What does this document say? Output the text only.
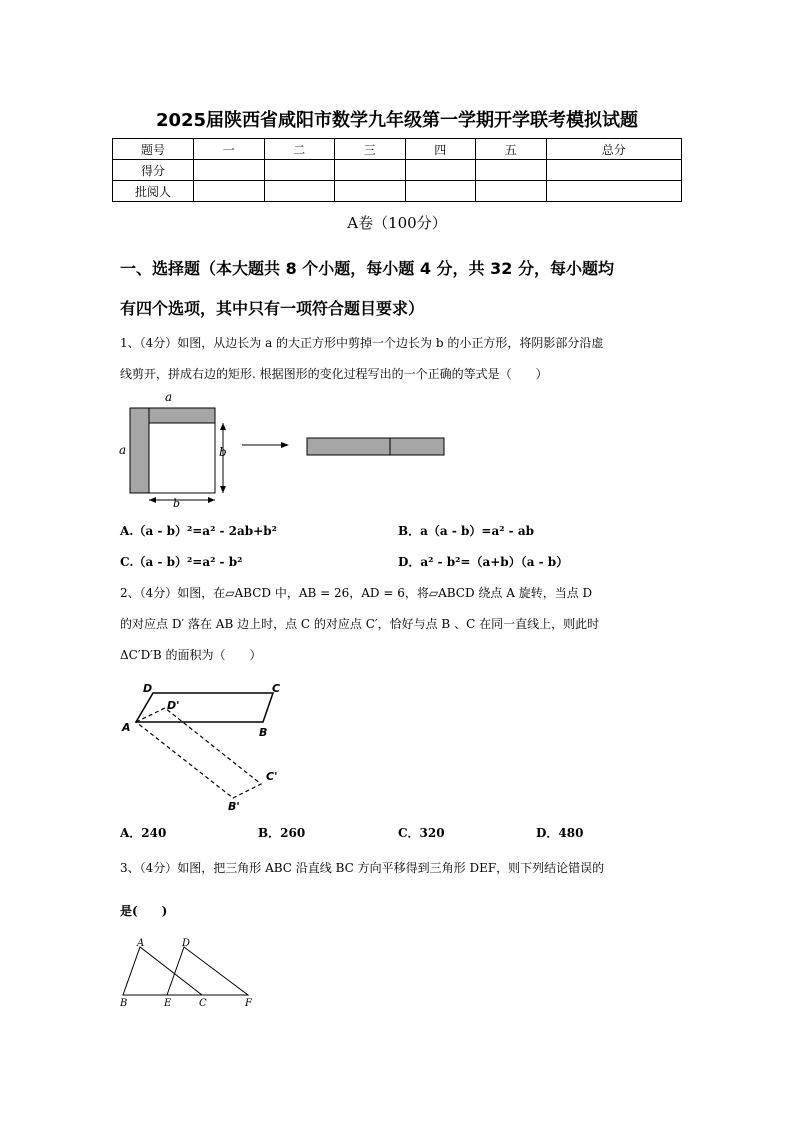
2025届陕西省咸阳市数学九年级第一学期开学联考模拟试题
题号	一	二	三	四	五	总分
得分						
批阅人						
A卷（100分）
一、选择题（本大题共 8 个小题，每小题 4 分，共 32 分，每小题均
有四个选项，其中只有一项符合题目要求）
1、（4分）如图，从边长为 a 的大正方形中剪掉一个边长为 b 的小正方形，将阴影部分沿虚
线剪开，拼成右边的矩形. 根据图形的变化过程写出的一个正确的等式是（　　）
a
a	b
b
A.（a - b）²=a² - 2ab+b²	B．a（a - b）=a² - ab
C.（a - b）²=a² - b²	D．a² - b²=（a+b）（a - b）
2、（4分）如图，在▱ABCD 中，AB = 26，AD = 6，将▱ABCD 绕点 A 旋转，当点 D
的对应点 D′ 落在 AB 边上时，点 C 的对应点 C′，恰好与点 B 、C 在同一直线上，则此时
ΔC′D′B 的面积为（　　）
D	C
A	B
D'
C'
B'
A．240	B．260	C．320	D．480
3、（4分）如图，把三角形 ABC 沿直线 BC 方向平移得到三角形 DEF，则下列结论错误的
是(　　)
A	D
B	E	C	F
